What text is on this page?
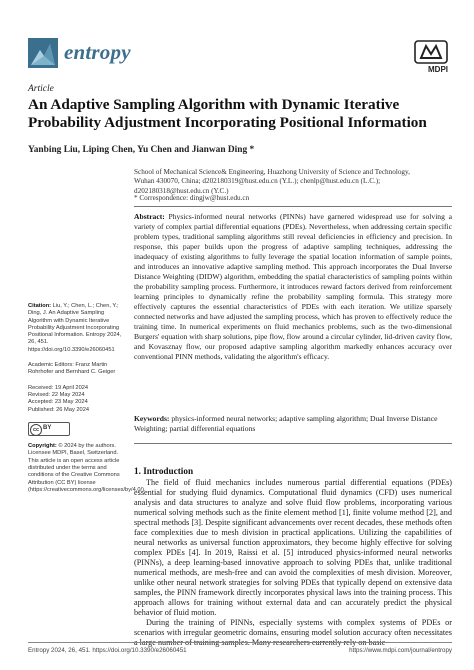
entropy
MDPI
Article
An Adaptive Sampling Algorithm with Dynamic Iterative Probability Adjustment Incorporating Positional Information
Yanbing Liu, Liping Chen, Yu Chen and Jianwan Ding *
School of Mechanical Science& Engineering, Huazhong University of Science and Technology,
Wuhan 430070, China; d202180319@hust.edu.cn (Y.L.); chenlp@hust.edu.cn (L.C.);
d202180318@hust.edu.cn (Y.C.)
* Correspondence: dingjw@hust.edu.cn
Abstract: Physics-informed neural networks (PINNs) have garnered widespread use for solving a variety of complex partial differential equations (PDEs). Nevertheless, when addressing certain specific problem types, traditional sampling algorithms still reveal deficiencies in efficiency and precision. In response, this paper builds upon the progress of adaptive sampling techniques, addressing the inadequacy of existing algorithms to fully leverage the spatial location information of sample points, and introduces an innovative adaptive sampling method. This approach incorporates the Dual Inverse Distance Weighting (DIDW) algorithm, embedding the spatial characteristics of sampling points within the probability sampling process. Furthermore, it introduces reward factors derived from reinforcement learning principles to dynamically refine the probability sampling formula. This strategy more effectively captures the essential characteristics of PDEs with each iteration. We utilize sparsely connected networks and have adjusted the sampling process, which has proven to effectively reduce the training time. In numerical experiments on fluid mechanics problems, such as the two-dimensional Burgers' equation with sharp solutions, pipe flow, flow around a circular cylinder, lid-driven cavity flow, and Kovasznay flow, our proposed adaptive sampling algorithm markedly enhances accuracy over conventional PINN methods, validating the algorithm's efficacy.
Keywords: physics-informed neural networks; adaptive sampling algorithm; Dual Inverse Distance Weighting; partial differential equations
Citation: Liu, Y.; Chen, L.; Chen, Y.; Ding, J. An Adaptive Sampling Algorithm with Dynamic Iterative Probability Adjustment Incorporating Positional Information. Entropy 2024, 26, 451. https://doi.org/10.3390/e26060451
Academic Editors: Franz Martin Rohrhofer and Bernhard C. Geiger
Received: 19 April 2024
Revised: 22 May 2024
Accepted: 23 May 2024
Published: 26 May 2024
cc BY
Copyright: © 2024 by the authors. Licensee MDPI, Basel, Switzerland. This article is an open access article distributed under the terms and conditions of the Creative Commons Attribution (CC BY) license (https://creativecommons.org/licenses/by/4.0/).
1. Introduction

The field of fluid mechanics includes numerous partial differential equations (PDEs) essential for studying fluid dynamics. Computational fluid dynamics (CFD) uses numerical analysis and data structures to analyze and solve fluid flow problems, incorporating various numerical solving methods such as the finite element method [1], finite volume method [2], and spectral methods [3]. Despite significant advancements over recent decades, these methods often face complexities due to mesh division in practical applications. Utilizing the capabilities of neural networks as universal function approximators, they become highly effective for solving complex PDEs [4]. In 2019, Raissi et al. [5] introduced physics-informed neural networks (PINNs), a deep learning-based innovative approach to solving PDEs that, unlike traditional numerical methods, are mesh-free and can avoid the complexities of mesh division. Moreover, unlike other neural network strategies for solving PDEs that typically depend on extensive data samples, the PINN framework directly incorporates physical laws into the training process. This approach allows for training without external data and can accurately predict the physical behavior of fluid motion.

During the training of PINNs, especially systems with complex systems of PDEs or scenarios with irregular geometric domains, ensuring model solution accuracy often necessitates

Entropy 2024, 26, 451. https://doi.org/10.3390/e26060451	https://www.mdpi.com/journal/entropy
